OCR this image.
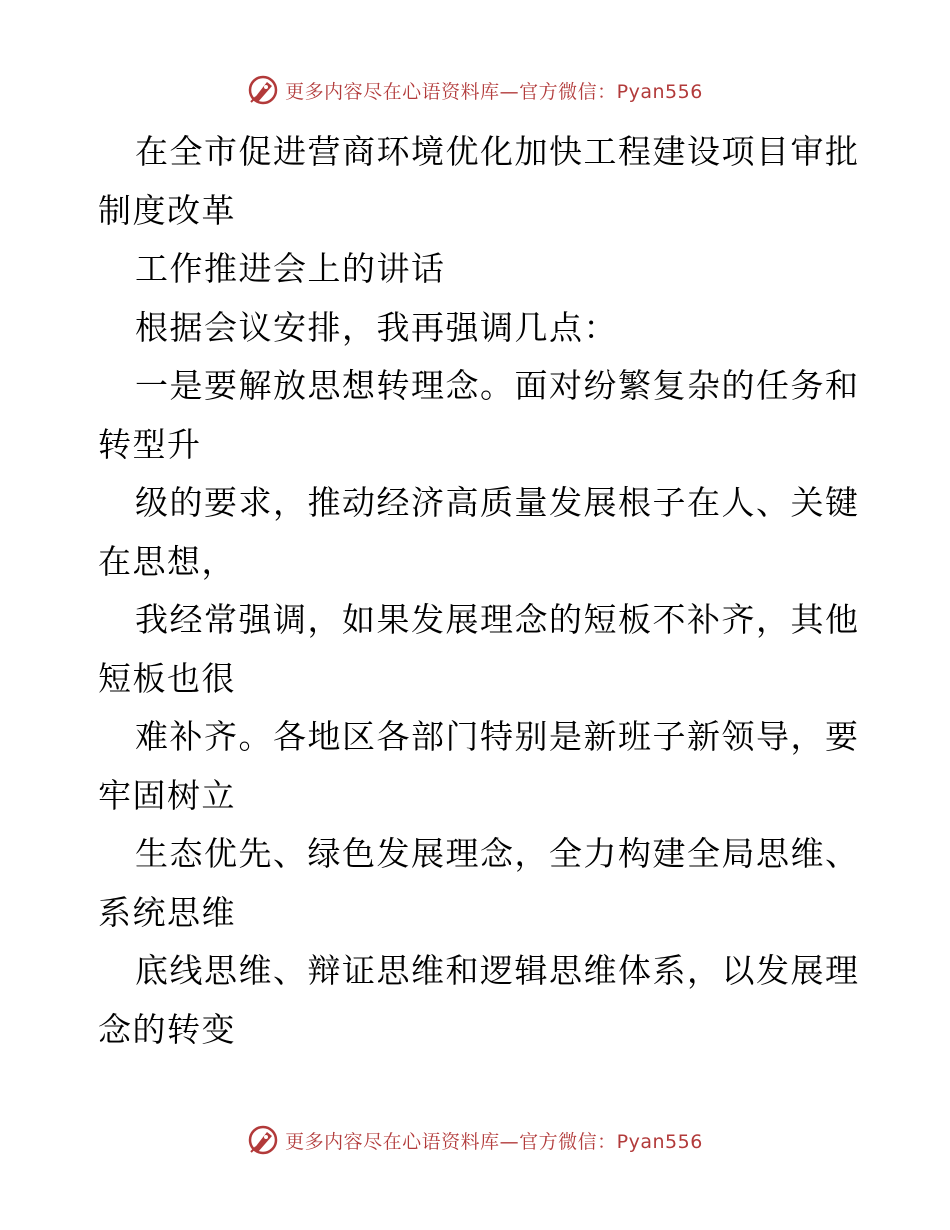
更多内容尽在心语资料库—官方微信：Pyan556
在全市促进营商环境优化加快工程建设项目审批
制度改革
工作推进会上的讲话
根据会议安排，我再强调几点：
一是要解放思想转理念。面对纷繁复杂的任务和
转型升
级的要求，推动经济高质量发展根子在人、关键
在思想，
我经常强调，如果发展理念的短板不补齐，其他
短板也很
难补齐。各地区各部门特别是新班子新领导，要
牢固树立
生态优先、绿色发展理念，全力构建全局思维、
系统思维
底线思维、辩证思维和逻辑思维体系，以发展理
念的转变
更多内容尽在心语资料库—官方微信：Pyan556
